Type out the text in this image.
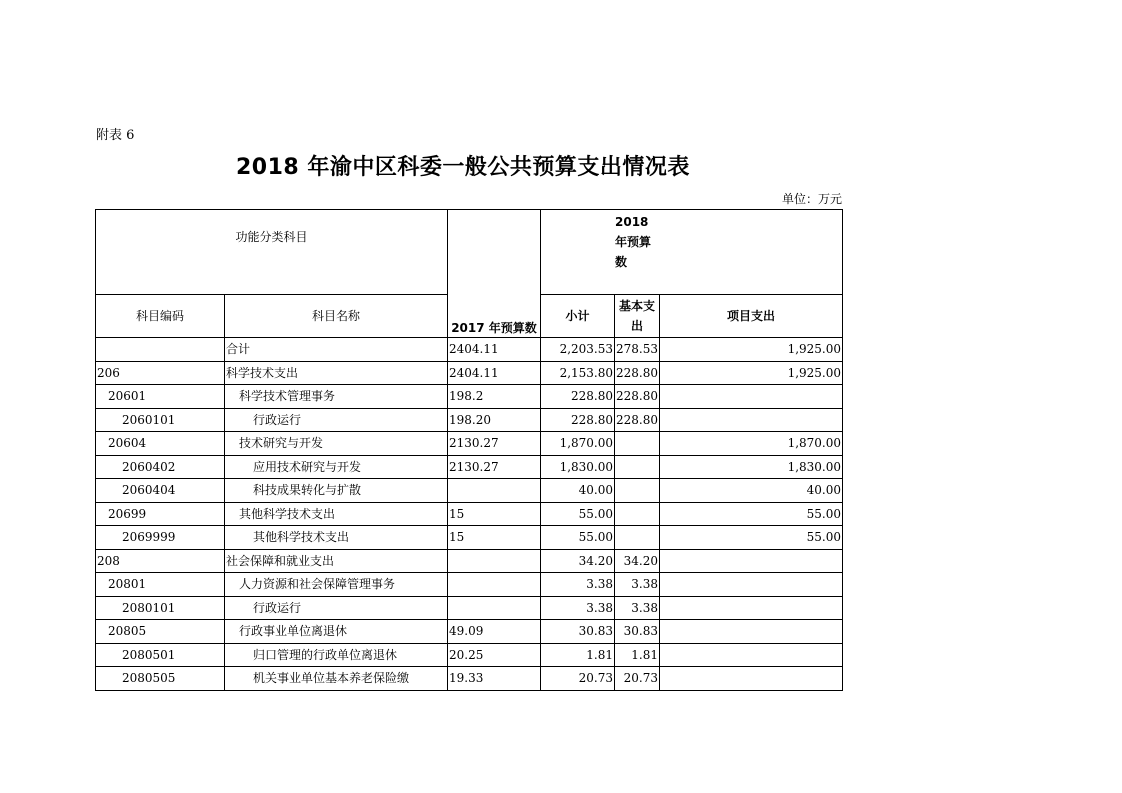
附表 6
2018 年渝中区科委一般公共预算支出情况表
单位：万元
功能分类科目		2017 年预算数	2018 年预算数		
科目编码	科目名称		小计	基本支出	项目支出
	合计	2404.11	2,203.53	278.53	1,925.00
206	科学技术支出	2404.11	2,153.80	228.80	1,925.00
20601	科学技术管理事务	198.2	228.80	228.80	
2060101	行政运行	198.20	228.80	228.80	
20604	技术研究与开发	2130.27	1,870.00		1,870.00
2060402	应用技术研究与开发	2130.27	1,830.00		1,830.00
2060404	科技成果转化与扩散		40.00		40.00
20699	其他科学技术支出	15	55.00		55.00
2069999	其他科学技术支出	15	55.00		55.00
208	社会保障和就业支出		34.20	34.20	
20801	人力资源和社会保障管理事务		3.38	3.38	
2080101	行政运行		3.38	3.38	
20805	行政事业单位离退休	49.09	30.83	30.83	
2080501	归口管理的行政单位离退休	20.25	1.81	1.81	
2080505	机关事业单位基本养老保险缴	19.33	20.73	20.73	
